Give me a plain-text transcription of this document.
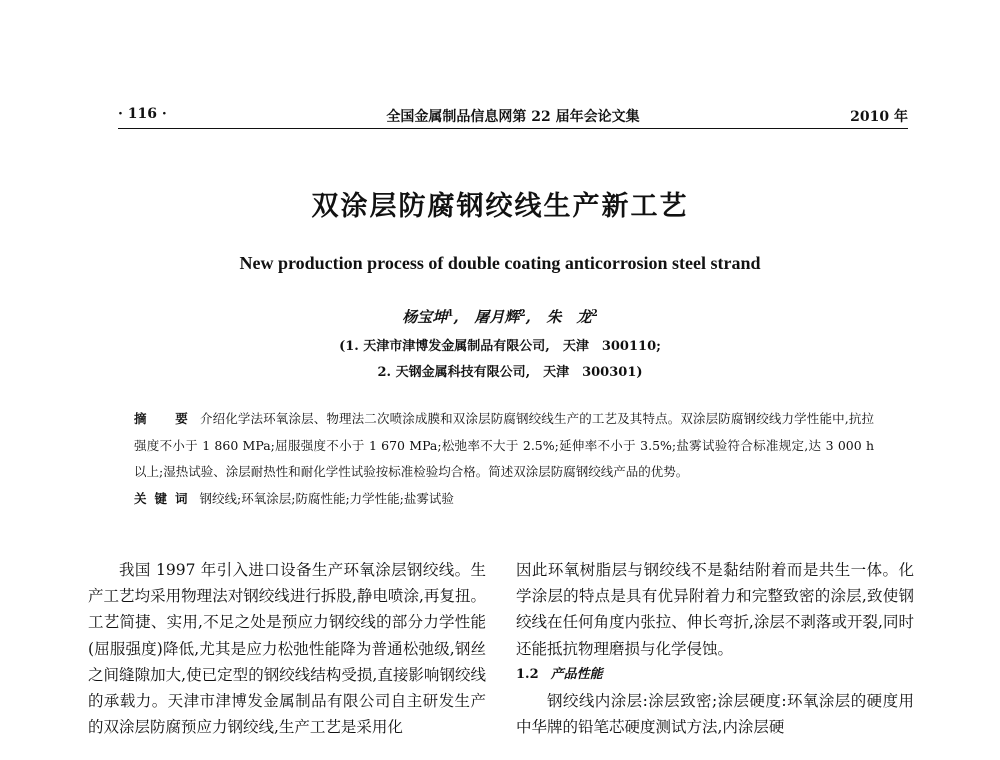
· 116 ·	全国金属制品信息网第 22 届年会论文集	2010 年
双涂层防腐钢绞线生产新工艺
New production process of double coating anticorrosion steel strand
杨宝坤$^1$,   屠月辉$^2$,   朱　龙$^2$
(1. 天津市津博发金属制品有限公司,　天津　300110;
2. 天钢金属科技有限公司,　天津　300301)
摘　要 介绍化学法环氧涂层、物理法二次喷涂成膜和双涂层防腐钢绞线生产的工艺及其特点。双涂层防腐钢绞线力学性能中,抗拉强度不小于 1 860 MPa;屈服强度不小于 1 670 MPa;松弛率不大于 2.5%;延伸率不小于 3.5%;盐雾试验符合标准规定,达 3 000 h 以上;湿热试验、涂层耐热性和耐化学性试验按标准检验均合格。简述双涂层防腐钢绞线产品的优势。
关键词 钢绞线;环氧涂层;防腐性能;力学性能;盐雾试验

我国 1997 年引入进口设备生产环氧涂层钢绞线。生产工艺均采用物理法对钢绞线进行拆股,静电喷涂,再复扭。工艺简捷、实用,不足之处是预应力钢绞线的部分力学性能(屈服强度)降低,尤其是应力松弛性能降为普通松弛级,钢丝之间缝隙加大,使已定型的钢绞线结构受损,直接影响钢绞线的承载力。天津市津博发金属制品有限公司自主研发生产的双涂层防腐预应力钢绞线,生产工艺是采用化

因此环氧树脂层与钢绞线不是黏结附着而是共生一体。化学涂层的特点是具有优异附着力和完整致密的涂层,致使钢绞线在任何角度内张拉、伸长弯折,涂层不剥落或开裂,同时还能抵抗物理磨损与化学侵蚀。

1.2 产品性能

钢绞线内涂层:涂层致密;涂层硬度:环氧涂层的硬度用中华牌的铅笔芯硬度测试方法,内涂层硬
